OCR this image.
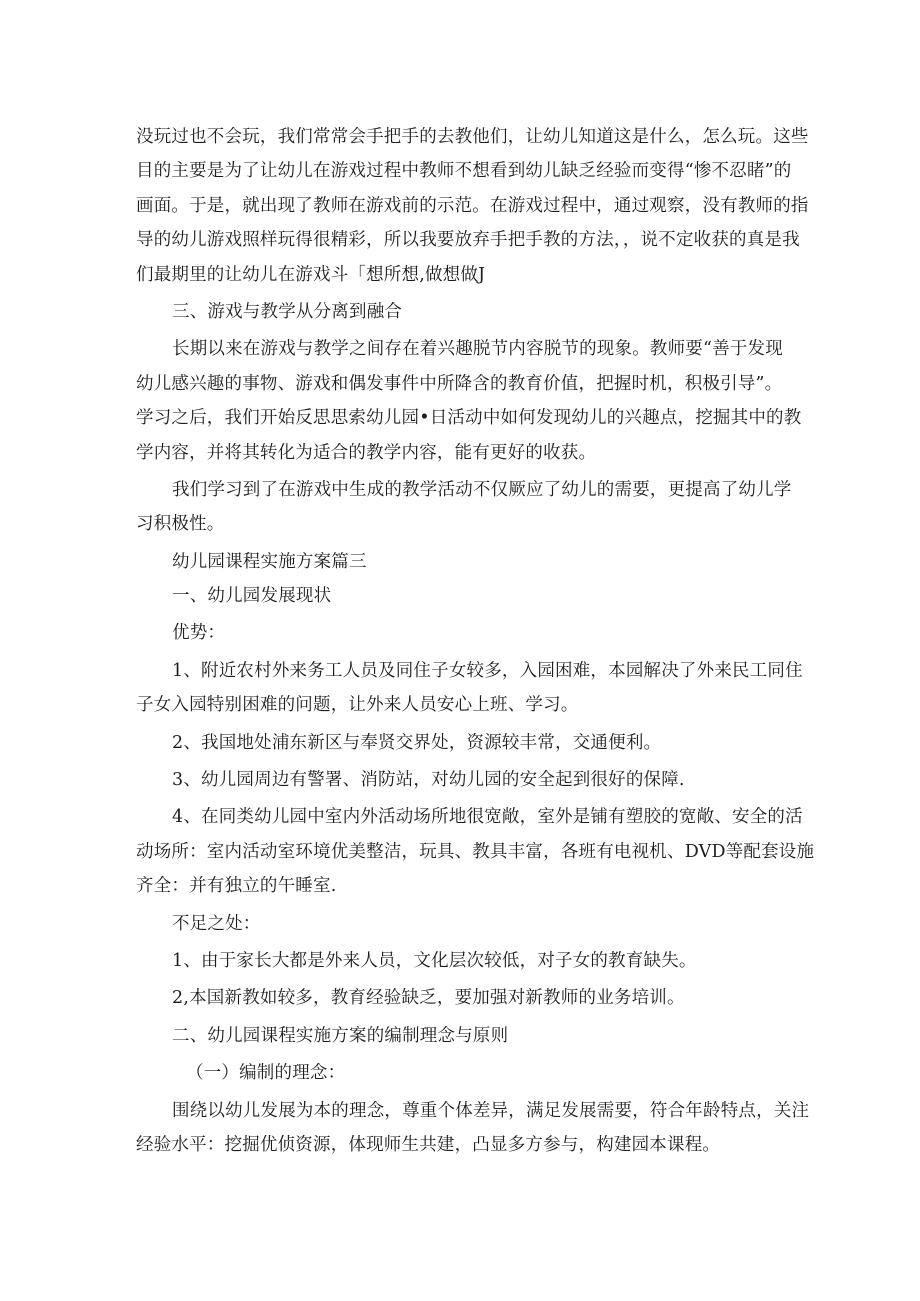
没玩过也不会玩，我们常常会手把手的去教他们，让幼儿知道这是什么，怎么玩。这些
目的主要是为了让幼儿在游戏过程中教师不想看到幼儿缺乏经验而变得“惨不忍睹”的
画面。于是，就出现了教师在游戏前的示范。在游戏过程中，通过观察，没有教师的指
导的幼儿游戏照样玩得很精彩，所以我要放弃手把手教的方法，，说不定收获的真是我
们最期里的让幼儿在游戏斗「想所想,做想做J
三、游戏与教学从分离到融合
长期以来在游戏与教学之间存在着兴趣脱节内容脱节的现象。教师要“善于发现
幼儿感兴趣的事物、游戏和偶发事件中所降含的教育价值，把握时机，积极引导”。
学习之后，我们开始反思思索幼儿园•日活动中如何发现幼儿的兴趣点，挖掘其中的教
学内容，并将其转化为适合的教学内容，能有更好的收获。
我们学习到了在游戏中生成的教学活动不仅厥应了幼儿的需要，更提高了幼儿学
习积极性。
幼儿园课程实施方案篇三
一、幼儿园发展现状
优势：
1、附近农村外来务工人员及同住子女较多，入园困难，本园解决了外来民工同住
子女入园特别困难的问题，让外来人员安心上班、学习。
2、我国地处浦东新区与奉贤交界处，资源较丰常，交通便利。
3、幼儿园周边有警署、消防站，对幼儿园的安全起到很好的保障.
4、在同类幼儿园中室内外活动场所地很宽敞，室外是铺有塑胶的宽敞、安全的活
动场所：室内活动室环境优美整洁，玩具、教具丰富，各班有电视机、DVD等配套设施
齐全：并有独立的午睡室.
不足之处：
1、由于家长大都是外来人员，文化层次较低，对子女的教育缺失。
2,本国新教如较多，教育经验缺乏，要加强对新教师的业务培训。
二、幼儿园课程实施方案的编制理念与原则
（一）编制的理念：
围绕以幼儿发展为本的理念，尊重个体差异，满足发展需要，符合年龄特点，关注
经验水平：挖掘优侦资源，体现师生共建，凸显多方参与，构建园本课程。
